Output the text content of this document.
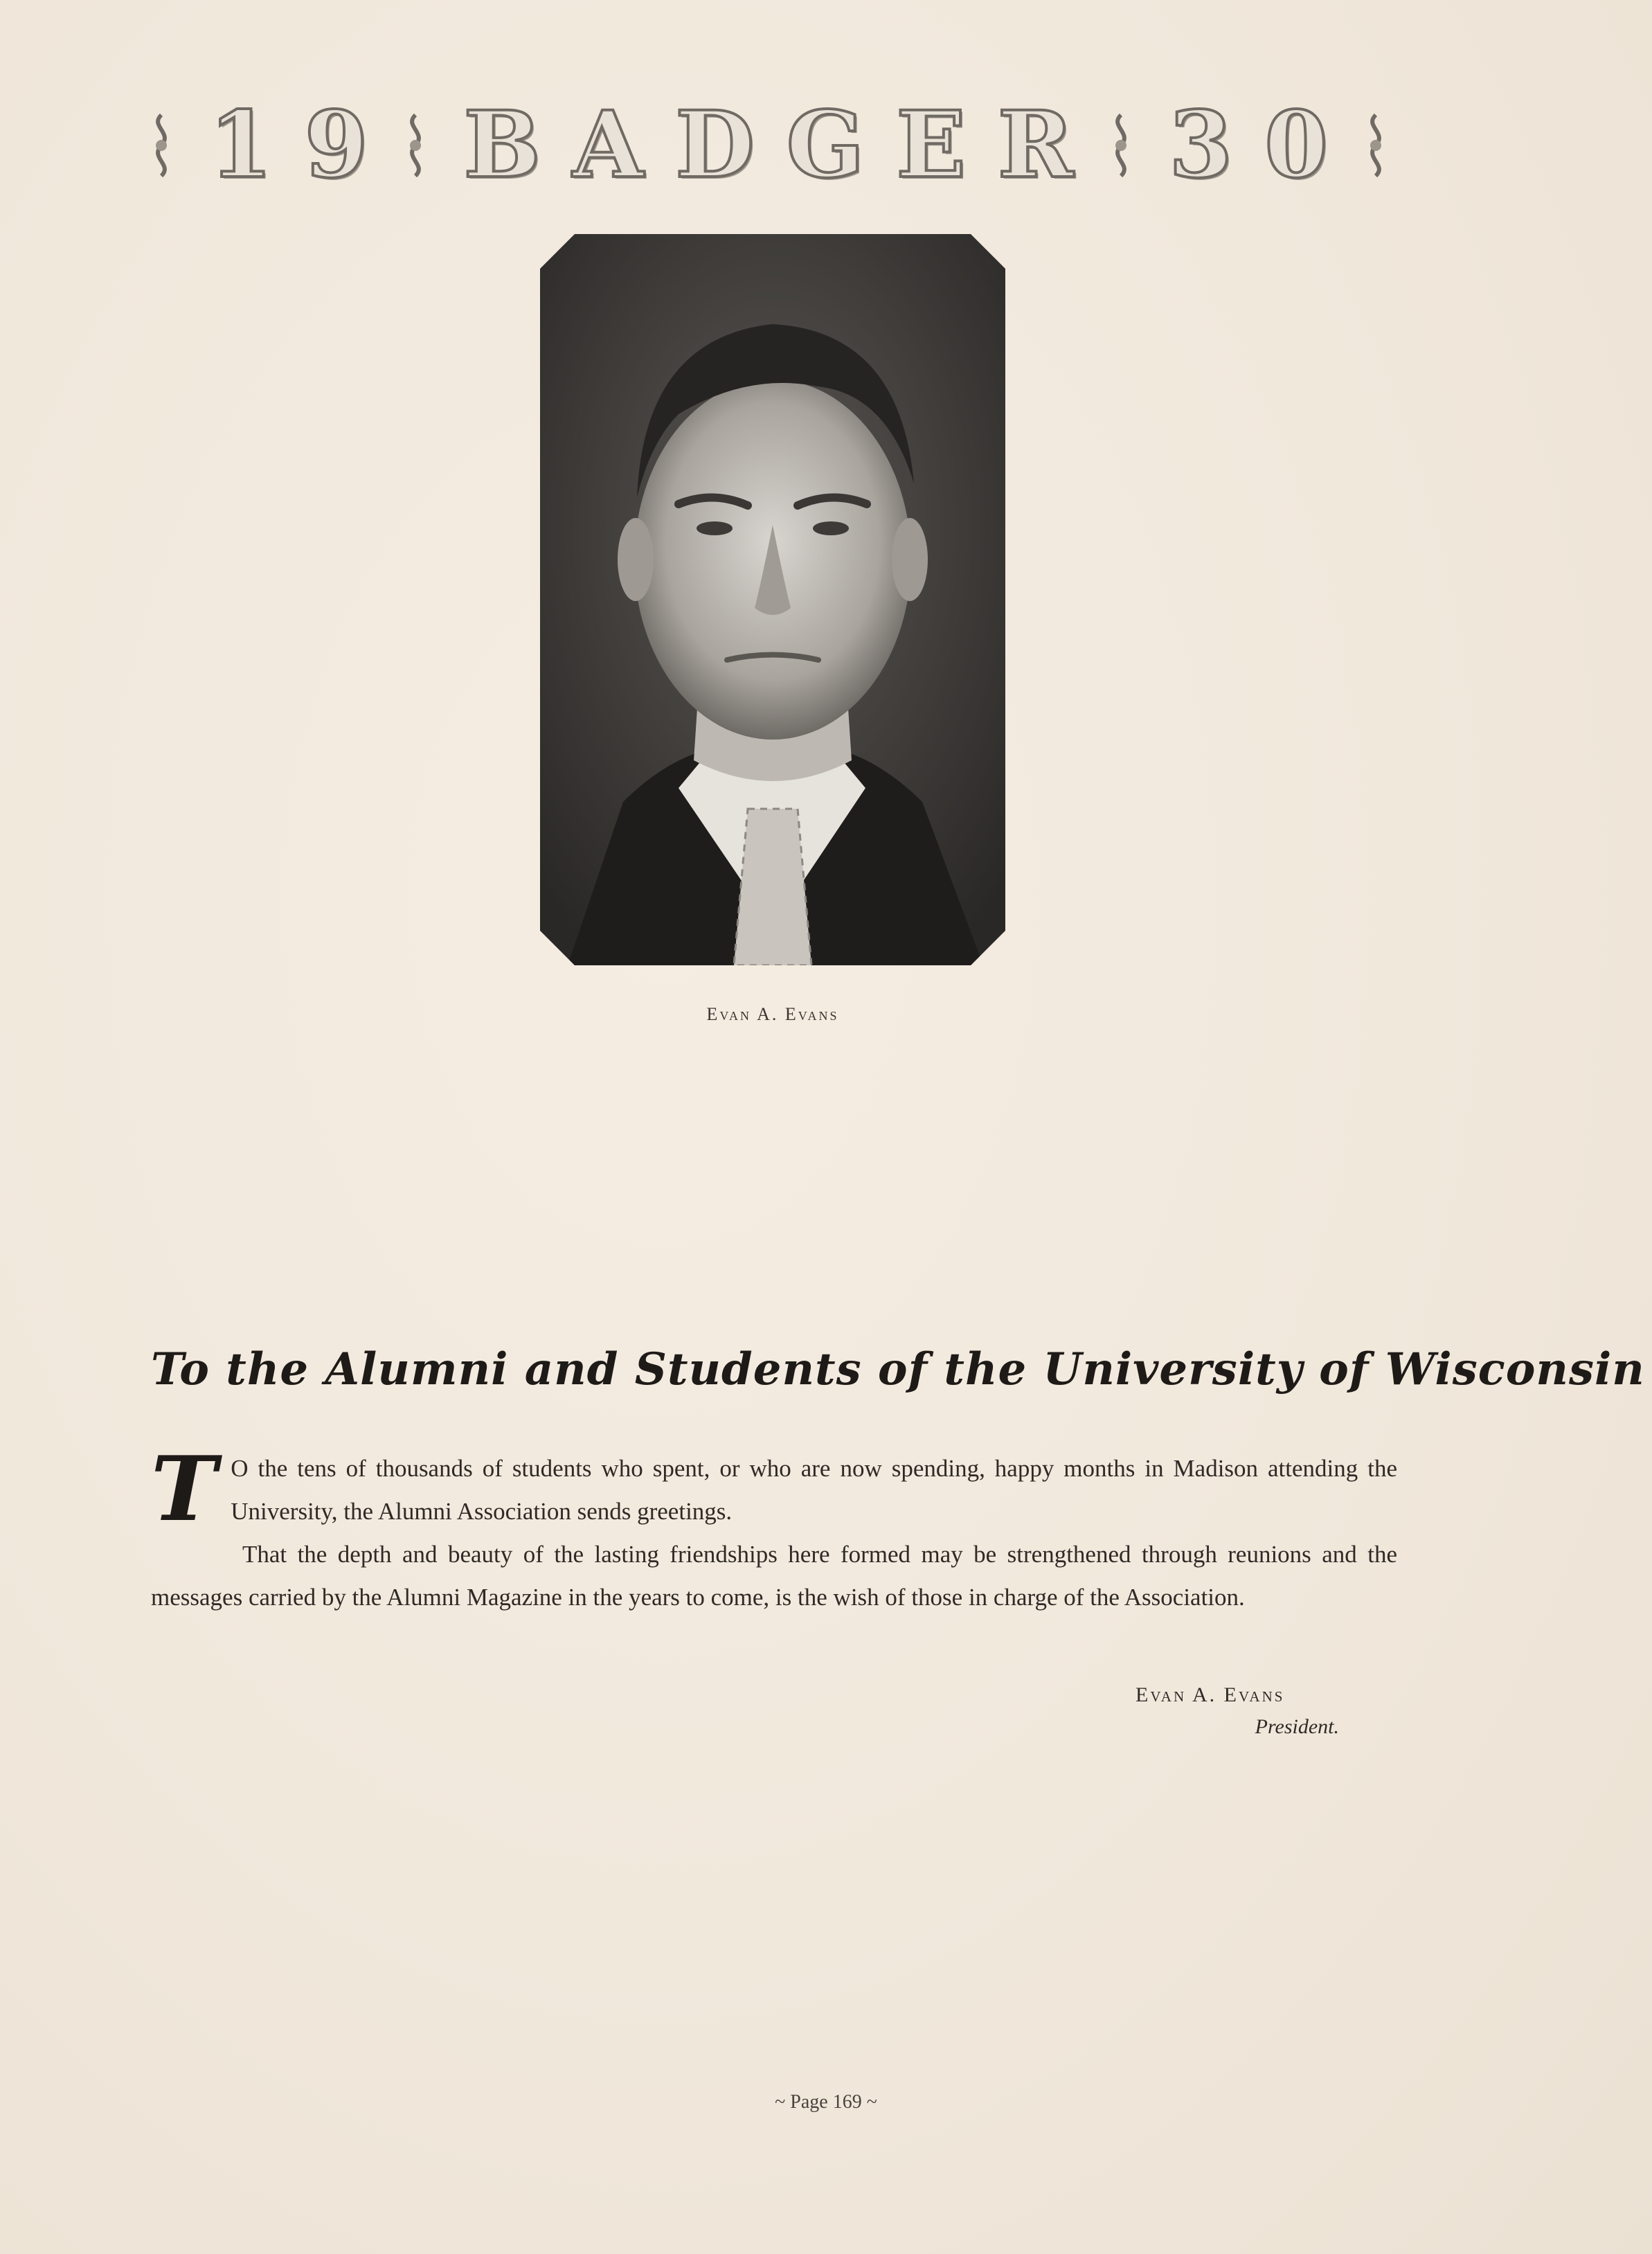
1 9 B A D G E R 3 0
Evan A. Evans
To the Alumni and Students of the University of Wisconsin
T O the tens of thousands of students who spent, or who are now spending, happy months in Madison attending the University, the Alumni Association sends greetings.

That the depth and beauty of the lasting friendships here formed may be strengthened through reunions and the messages carried by the Alumni Magazine in the years to come, is the wish of those in charge of the Association.

Evan A. Evans
President.
~ Page 169 ~
